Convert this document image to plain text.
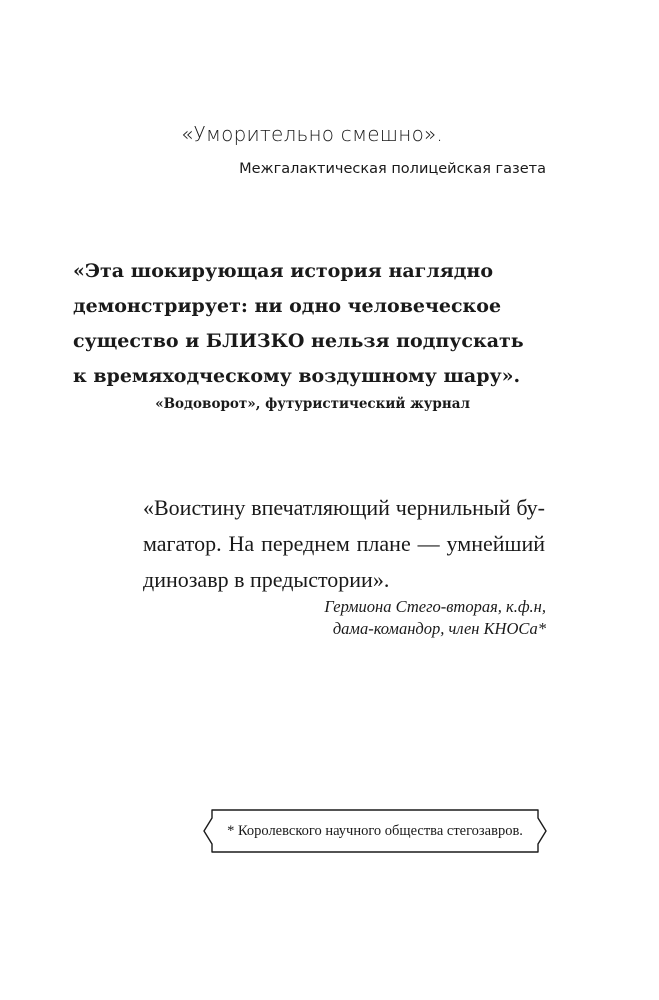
«Уморительно смешно».
Межгалактическая полицейская газета
«Эта шокирующая история наглядно
демонстрирует: ни одно человеческое
существо и БЛИЗКО нельзя подпускать
к времяходческому воздушному шару».
«Водоворот», футуристический журнал
«Воистину впечатляющий чернильный бу-
магатор. На переднем плане — умнейший
динозавр в предыстории».
Гермиона Стего-вторая, к.ф.н,
дама-командор, член КНОСа*
* Королевского научного общества стегозавров.
